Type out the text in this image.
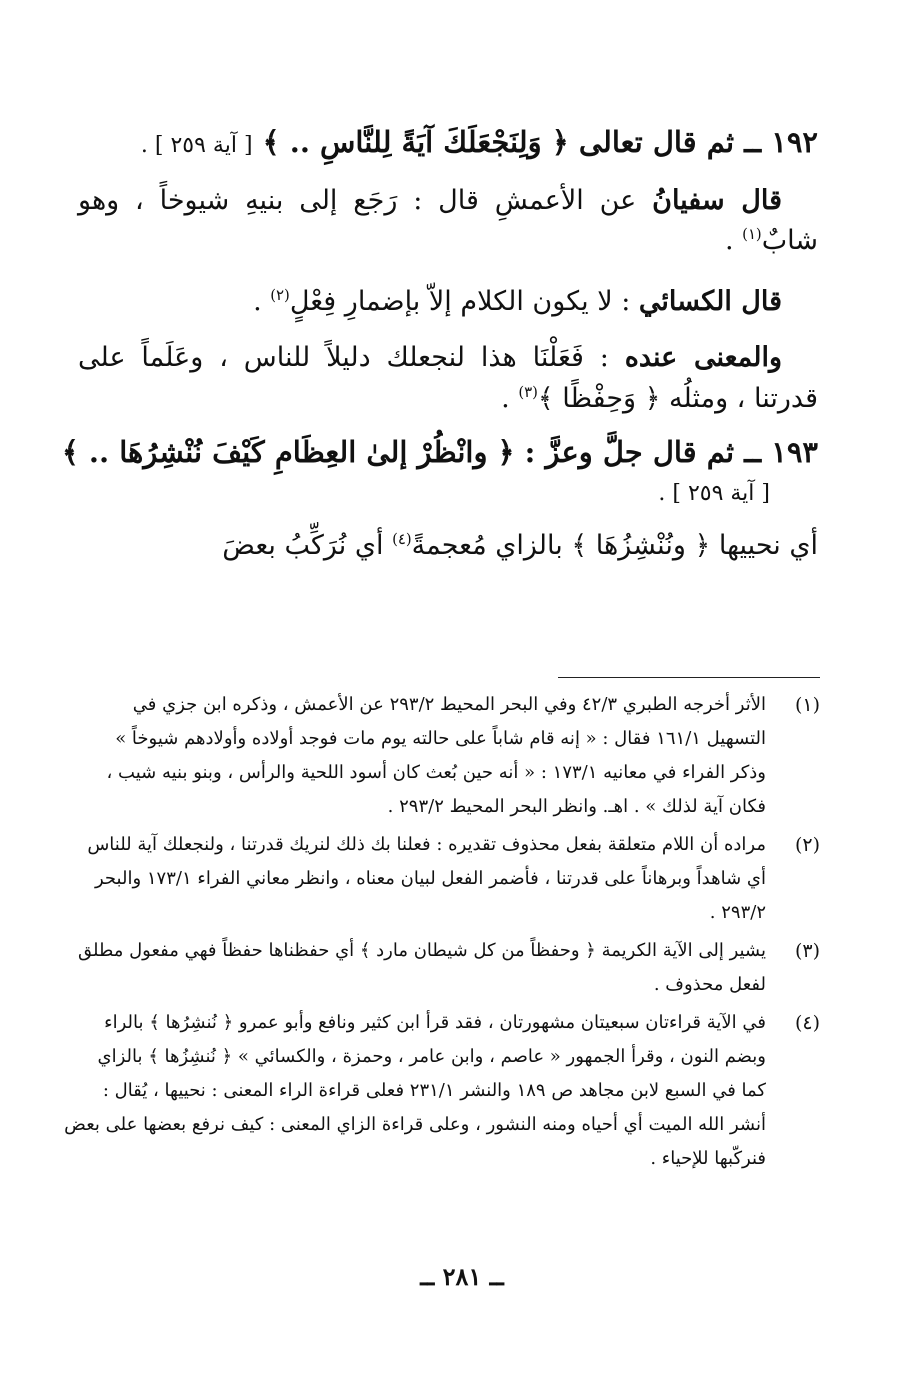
١٩٢ ــ ثم قال تعالى ﴿ وَلِنَجْعَلَكَ آيَةً لِلنَّاسِ .. ﴾ [ آية ٢٥٩ ] .
قال سفيانُ عن الأعمشِ قال : رَجَع إلى بنيهِ شيوخاً ، وهو
شابٌ$^{(١)}$ .
قال الكسائي : لا يكون الكلام إلاّ بإضمارِ فِعْلٍ$^{(٢)}$ .
والمعنى عنده : فَعَلْنَا هذا لنجعلك دليلاً للناس ، وعَلَماً على
قدرتنا ، ومثلُه ﴿ وَحِفْظًا ﴾$^{(٣)}$ .
١٩٣ ــ ثم قال جلَّ وعزَّ : ﴿ وانْظُرْ إلىٰ العِظَامِ كَيْفَ نُنْشِرُهَا .. ﴾
[ آية ٢٥٩ ] .
أي نحييها ﴿ ونُنْشِزُهَا ﴾ بالزاي مُعجمةً$^{(٤)}$ أي نُرَكِّبُ بعضَ
(١)
الأثر أخرجه الطبري ٤٢/٣ وفي البحر المحيط ٢٩٣/٢ عن الأعمش ، وذكره ابن جزي في
التسهيل ١٦١/١ فقال : « إنه قام شاباً على حالته يوم مات فوجد أولاده وأولادهم شيوخاً »
وذكر الفراء في معانيه ١٧٣/١ : « أنه حين بُعث كان أسود اللحية والرأس ، وبنو بنيه شيب ،
فكان آية لذلك » . اهـ. وانظر البحر المحيط ٢٩٣/٢ .
(٢)
مراده أن اللام متعلقة بفعل محذوف تقديره : فعلنا بك ذلك لنريك قدرتنا ، ولنجعلك آية للناس
أي شاهداً وبرهاناً على قدرتنا ، فأضمر الفعل لبيان معناه ، وانظر معاني الفراء ١٧٣/١ والبحر
٢٩٣/٢ .
(٣)
يشير إلى الآية الكريمة ﴿ وحفظاً من كل شيطان مارد ﴾ أي حفظناها حفظاً فهي مفعول مطلق
لفعل محذوف .
(٤)
في الآية قراءتان سبعيتان مشهورتان ، فقد قرأ ابن كثير ونافع وأبو عمرو ﴿ نُنشِرُها ﴾ بالراء
وبضم النون ، وقرأ الجمهور « عاصم ، وابن عامر ، وحمزة ، والكسائي » ﴿ نُنشِزُها ﴾ بالزاي
كما في السبع لابن مجاهد ص ١٨٩ والنشر ٢٣١/١ فعلى قراءة الراء المعنى : نحييها ، يُقال :
أنشر الله الميت أي أحياه ومنه النشور ، وعلى قراءة الزاي المعنى : كيف نرفع بعضها على بعض
فنركّبها للإحياء .
ــ ٢٨١ ــ
